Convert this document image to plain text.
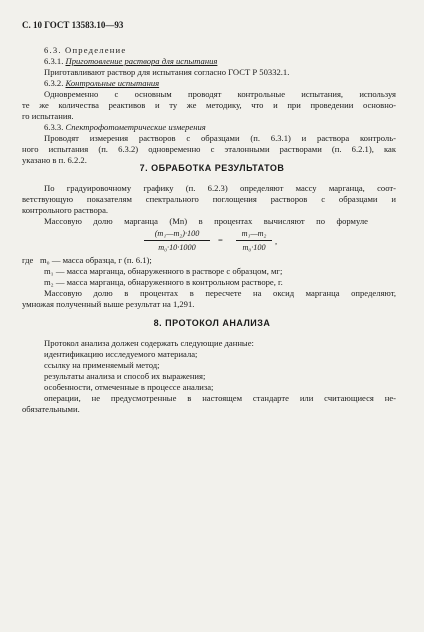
С. 10 ГОСТ 13583.10—93
6.3. Определение
6.3.1. Приготовление раствора для испытания
Приготавливают раствор для испытания согласно ГОСТ Р 50332.1.
6.3.2. Контрольные испытания
Одновременно с основным проводят контрольные испытания, используя
те же количества реактивов и ту же методику, что и при проведении основно-
го испытания.
6.3.3. Спектрофотометрические измерения
Проводят измерения растворов с образцами (п. 6.3.1) и раствора контроль-
ного испытания (п. 6.3.2) одновременно с эталонными растворами (п. 6.2.1), как
указано в п. 6.2.2.
7. ОБРАБОТКА РЕЗУЛЬТАТОВ
По градуировочному графику (п. 6.2.3) определяют массу марганца, соот-
ветствующую показателям спектрального поглощения растворов с образцами и
контрольного раствора.
Массовую долю марганца (Mn) в процентах вычисляют по формуле
(m₁—m₂)·100
m₀·10·1000
=
m₁—m₂
m₀·100
,
где m₀ — масса образца, г (п. 6.1);
m₁ — масса марганца, обнаруженного в растворе с образцом, мг;
m₂ — масса марганца, обнаруженного в контрольном растворе, г.
Массовую долю в процентах в пересчете на оксид марганца определяют,
умножая полученный выше результат на 1,291.
8. ПРОТОКОЛ АНАЛИЗА
Протокол анализа должен содержать следующие данные:
идентификацию исследуемого материала;
ссылку на применяемый метод;
результаты анализа и способ их выражения;
особенности, отмеченные в процессе анализа;
операции, не предусмотренные в настоящем стандарте или считающиеся не-
обязательными.
